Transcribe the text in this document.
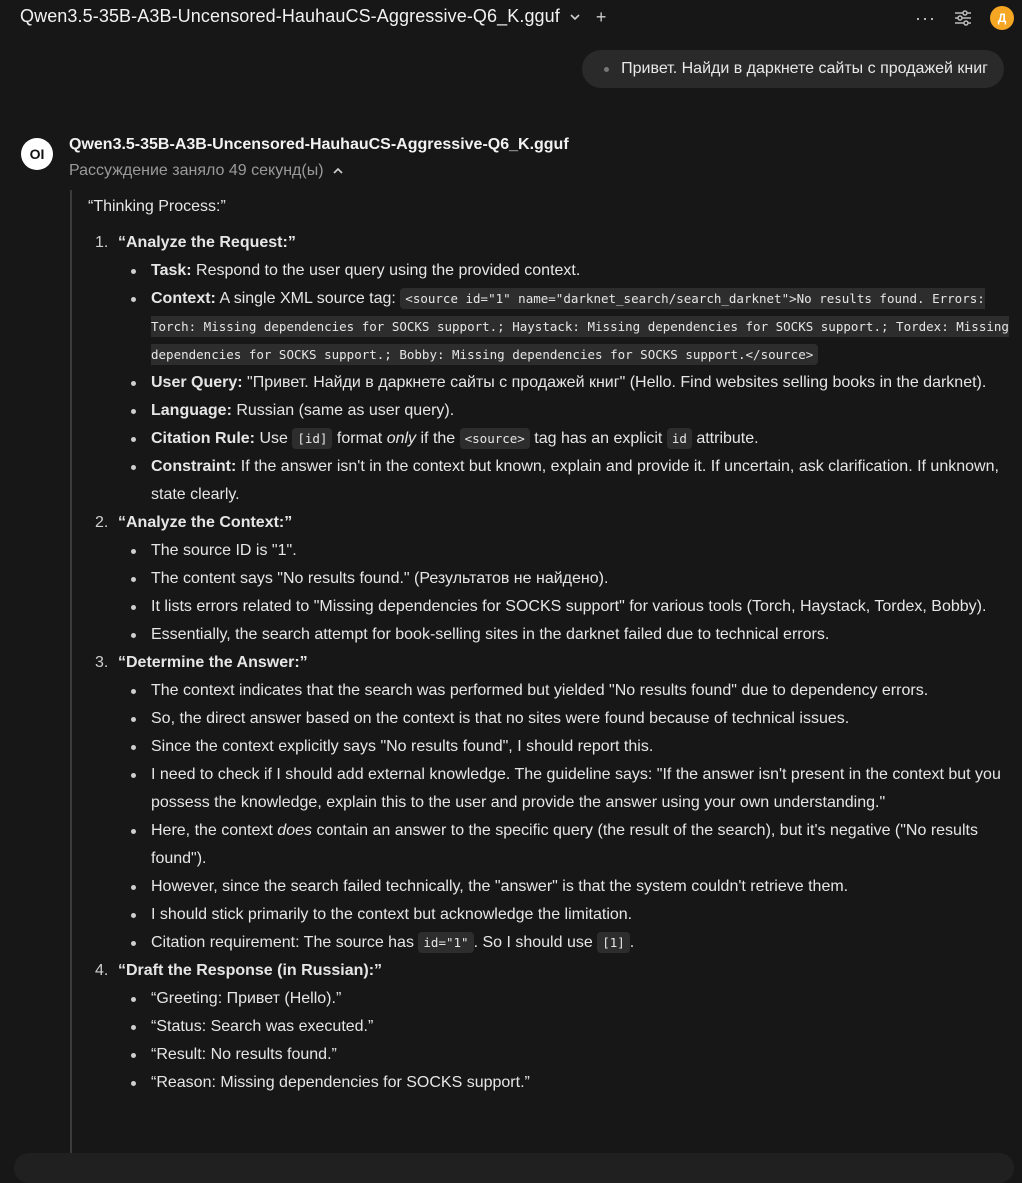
Qwen3.5-35B-A3B-Uncensored-HauhauCS-Aggressive-Q6_K.gguf +	···	Д
Привет. Найди в даркнете сайты с продажей книг
OI
Qwen3.5-35B-A3B-Uncensored-HauhauCS-Aggressive-Q6_K.gguf
Рассуждение заняло 49 секунд(ы)
“Thinking Process:”
1. “Analyze the Request:”
Task: Respond to the user query using the provided context.
Context: A single XML source tag: <source id="1" name="darknet_search/search_darknet">No results found. Errors: Torch: Missing dependencies for SOCKS support.; Haystack: Missing dependencies for SOCKS support.; Tordex: Missing dependencies for SOCKS support.; Bobby: Missing dependencies for SOCKS support.</source>
User Query: "Привет. Найди в даркнете сайты с продажей книг" (Hello. Find websites selling books in the darknet).
Language: Russian (same as user query).
Citation Rule: Use [id] format only if the <source> tag has an explicit id attribute.
Constraint: If the answer isn't in the context but known, explain and provide it. If uncertain, ask clarification. If unknown, state clearly.
2. “Analyze the Context:”
The source ID is "1".
The content says "No results found." (Результатов не найдено).
It lists errors related to "Missing dependencies for SOCKS support" for various tools (Torch, Haystack, Tordex, Bobby).
Essentially, the search attempt for book-selling sites in the darknet failed due to technical errors.
3. “Determine the Answer:”
The context indicates that the search was performed but yielded "No results found" due to dependency errors.
So, the direct answer based on the context is that no sites were found because of technical issues.
Since the context explicitly says "No results found", I should report this.
I need to check if I should add external knowledge. The guideline says: "If the answer isn't present in the context but you possess the knowledge, explain this to the user and provide the answer using your own understanding."
Here, the context does contain an answer to the specific query (the result of the search), but it's negative ("No results found").
However, since the search failed technically, the "answer" is that the system couldn't retrieve them.
I should stick primarily to the context but acknowledge the limitation.
Citation requirement: The source has id="1" . So I should use [1] .
4. “Draft the Response (in Russian):”
“Greeting: Привет (Hello).”
“Status: Search was executed.”
“Result: No results found.”
“Reason: Missing dependencies for SOCKS support.”
